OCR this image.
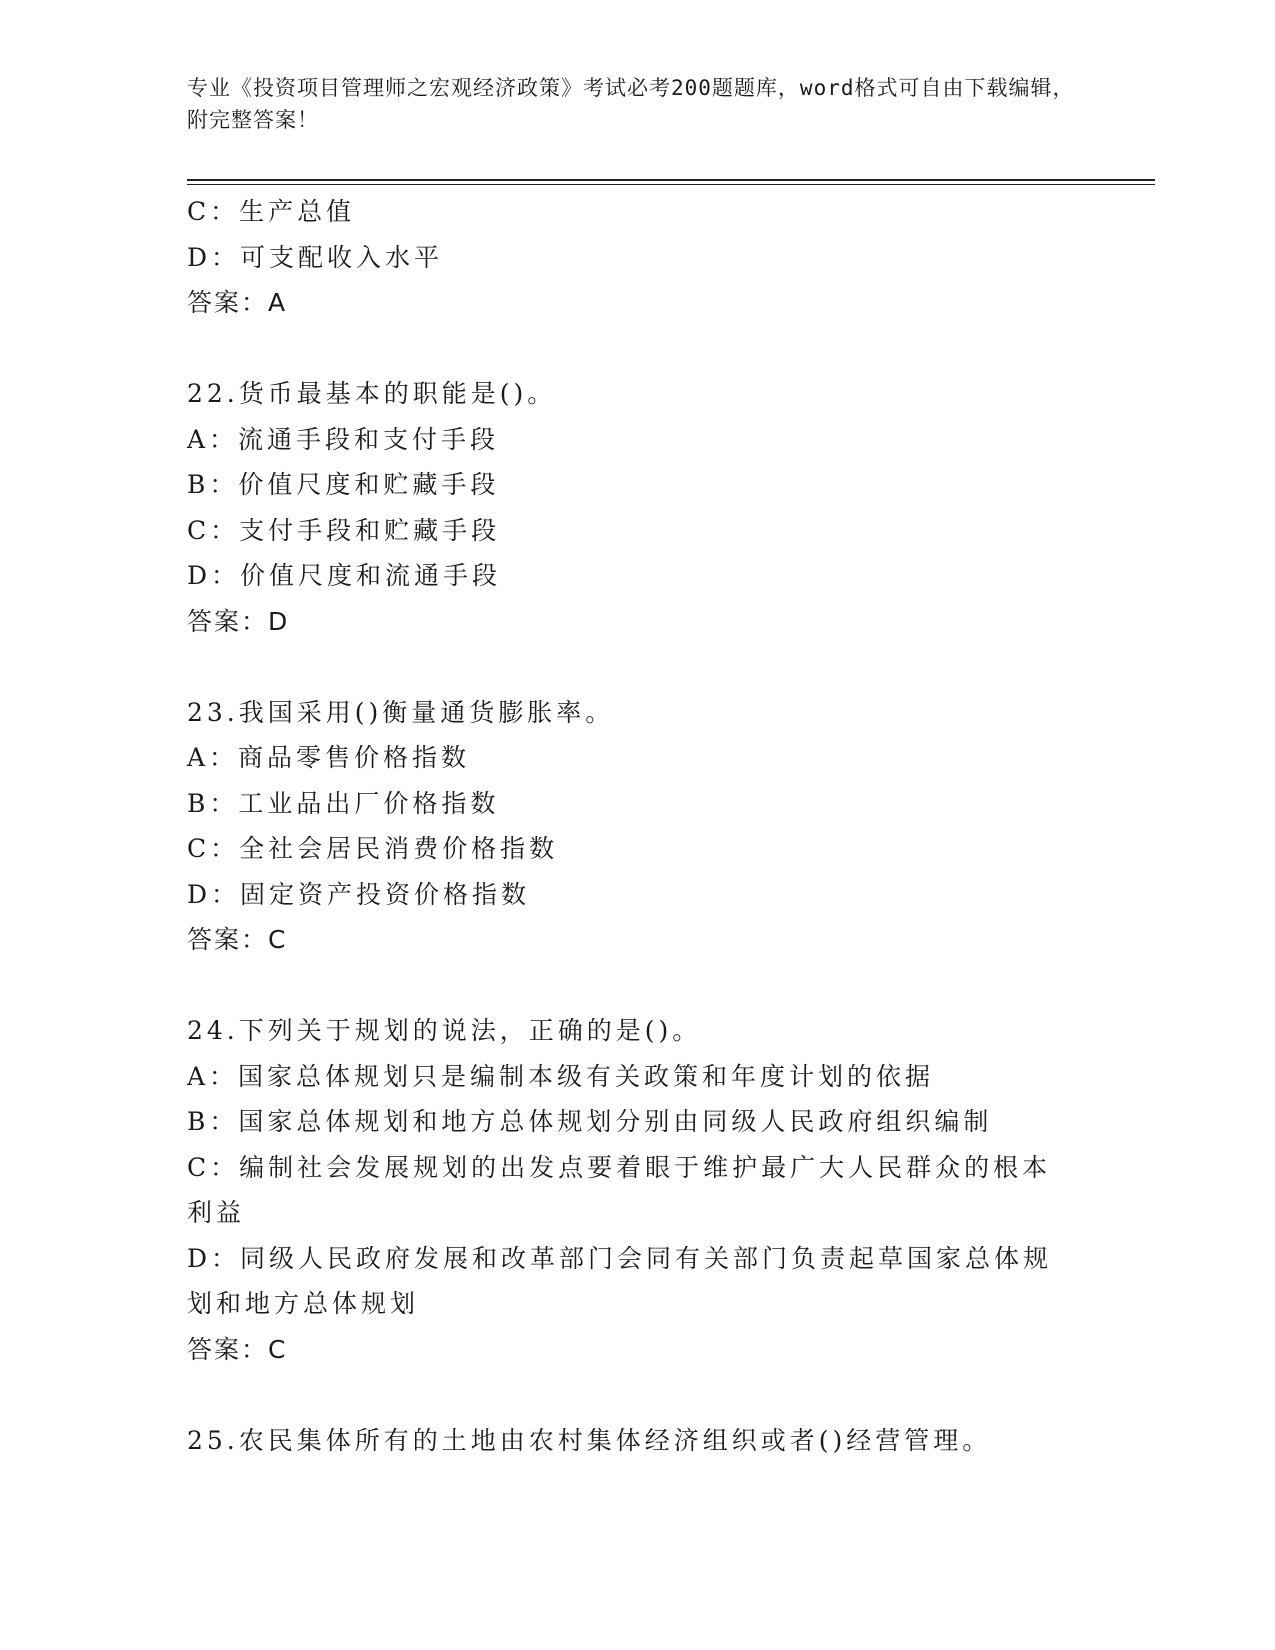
专业《投资项目管理师之宏观经济政策》考试必考200题题库，word格式可自由下载编辑，附完整答案！
C：生产总值
D：可支配收入水平
答案：A
22.货币最基本的职能是()。
A：流通手段和支付手段
B：价值尺度和贮藏手段
C：支付手段和贮藏手段
D：价值尺度和流通手段
答案：D
23.我国采用()衡量通货膨胀率。
A：商品零售价格指数
B：工业品出厂价格指数
C：全社会居民消费价格指数
D：固定资产投资价格指数
答案：C
24.下列关于规划的说法，正确的是()。
A：国家总体规划只是编制本级有关政策和年度计划的依据
B：国家总体规划和地方总体规划分别由同级人民政府组织编制
C：编制社会发展规划的出发点要着眼于维护最广大人民群众的根本利益
D：同级人民政府发展和改革部门会同有关部门负责起草国家总体规划和地方总体规划
答案：C
25.农民集体所有的土地由农村集体经济组织或者()经营管理。
